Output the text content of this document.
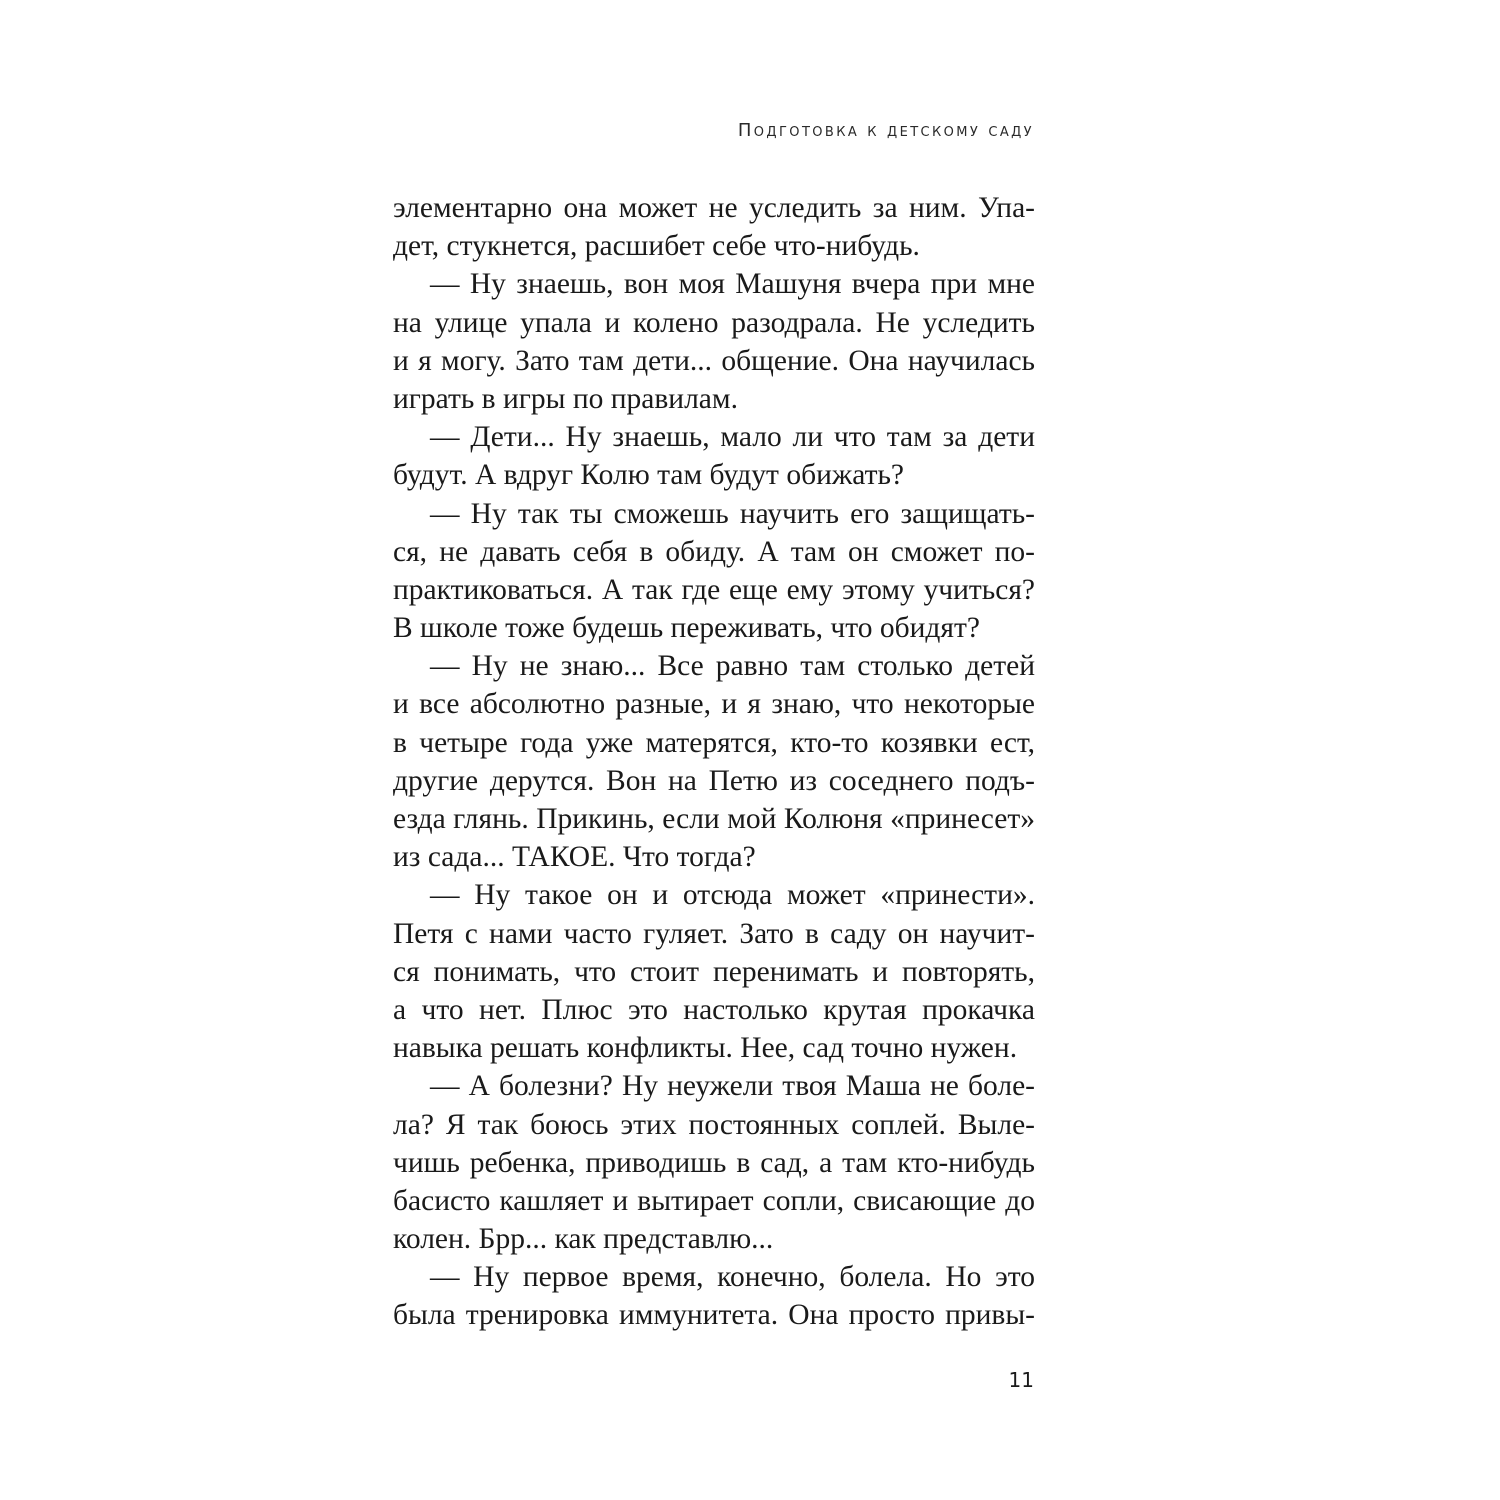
Подготовка к детскому саду
элементарно она может не уследить за ним. Упа-
дет, стукнется, расшибет себе что-нибудь.
— Ну знаешь, вон моя Машуня вчера при мне
на улице упала и колено разодрала. Не уследить
и я могу. Зато там дети... общение. Она научилась
играть в игры по правилам.
— Дети... Ну знаешь, мало ли что там за дети
будут. А вдруг Колю там будут обижать?
— Ну так ты сможешь научить его защищать-
ся, не давать себя в обиду. А там он сможет по-
практиковаться. А так где еще ему этому учиться?
В школе тоже будешь переживать, что обидят?
— Ну не знаю... Все равно там столько детей
и все абсолютно разные, и я знаю, что некоторые
в четыре года уже матерятся, кто-то козявки ест,
другие дерутся. Вон на Петю из соседнего подъ-
езда глянь. Прикинь, если мой Колюня «принесет»
из сада... ТАКОЕ. Что тогда?
— Ну такое он и отсюда может «принести».
Петя с нами часто гуляет. Зато в саду он научит-
ся понимать, что стоит перенимать и повторять,
а что нет. Плюс это настолько крутая прокачка
навыка решать конфликты. Нее, сад точно нужен.
— А болезни? Ну неужели твоя Маша не боле-
ла? Я так боюсь этих постоянных соплей. Выле-
чишь ребенка, приводишь в сад, а там кто-нибудь
басисто кашляет и вытирает сопли, свисающие до
колен. Брр... как представлю...
— Ну первое время, конечно, болела. Но это
была тренировка иммунитета. Она просто привы-
11
